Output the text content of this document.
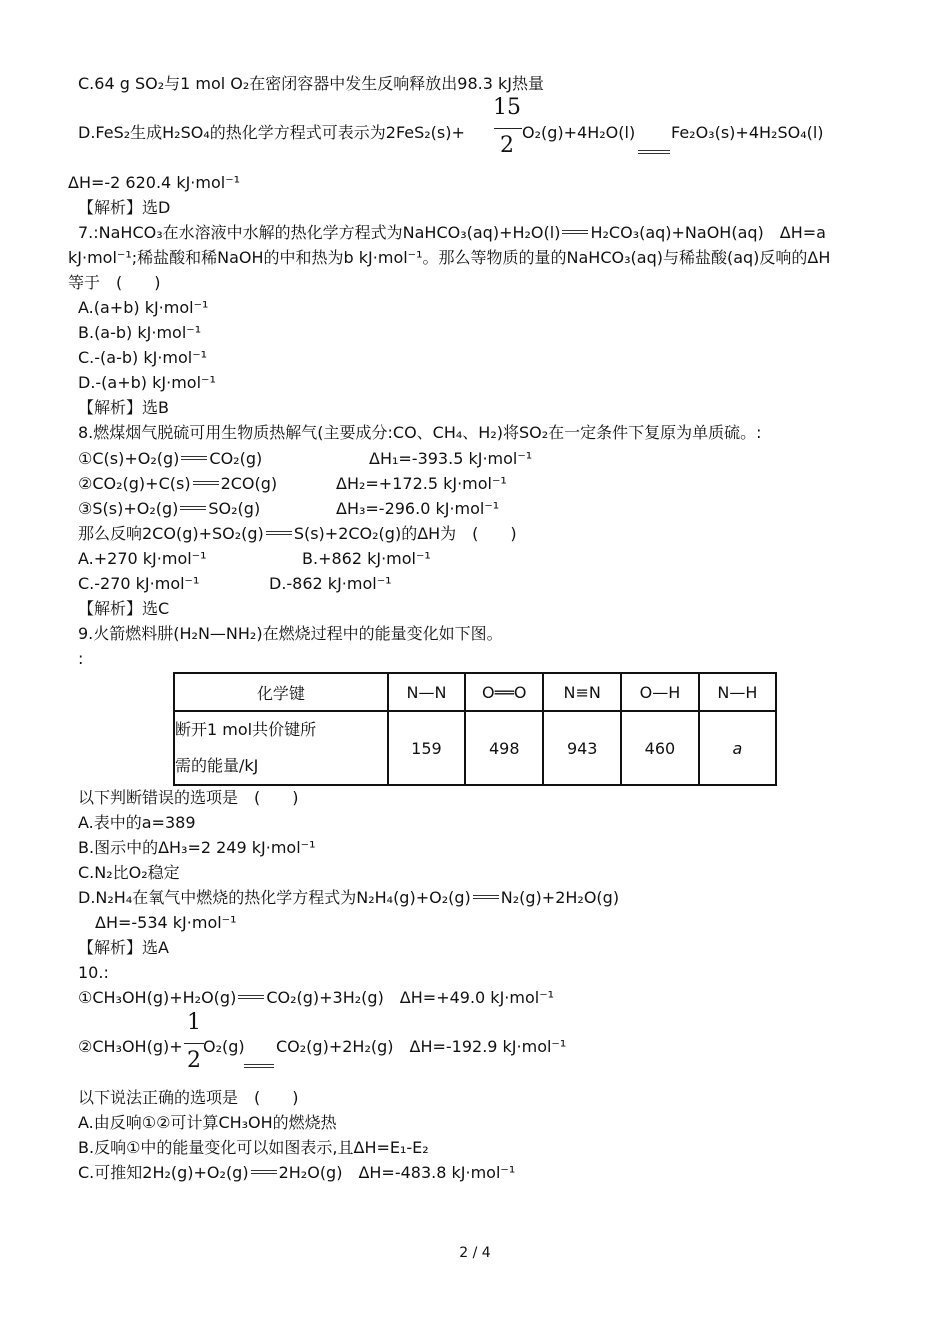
C.64 g SO₂与1 mol O₂在密闭容器中发生反响释放出98.3 kJ热量
D.FeS₂生成H₂SO₄的热化学方程式可表示为2FeS₂(s)+
15
2
O₂(g)+4H₂O(l) Fe₂O₃(s)+4H₂SO₄(l)
ΔH=-2 620.4 kJ·mol⁻¹
【解析】选D
7.:NaHCO₃在水溶液中水解的热化学方程式为NaHCO₃(aq)+H₂O(l) H₂CO₃(aq)+NaOH(aq)　ΔH=a
kJ·mol⁻¹;稀盐酸和稀NaOH的中和热为b kJ·mol⁻¹。那么等物质的量的NaHCO₃(aq)与稀盐酸(aq)反响的ΔH
等于　(　　)
A.(a+b) kJ·mol⁻¹
B.(a-b) kJ·mol⁻¹
C.-(a-b) kJ·mol⁻¹
D.-(a+b) kJ·mol⁻¹
【解析】选B
8.燃煤烟气脱硫可用生物质热解气(主要成分:CO、CH₄、H₂)将SO₂在一定条件下复原为单质硫。:
①C(s)+O₂(g) CO₂(g)	ΔH₁=-393.5 kJ·mol⁻¹
②CO₂(g)+C(s) 2CO(g)	ΔH₂=+172.5 kJ·mol⁻¹
③S(s)+O₂(g) SO₂(g)	ΔH₃=-296.0 kJ·mol⁻¹
那么反响2CO(g)+SO₂(g) S(s)+2CO₂(g)的ΔH为　(　　)
A.+270 kJ·mol⁻¹	B.+862 kJ·mol⁻¹
C.-270 kJ·mol⁻¹	D.-862 kJ·mol⁻¹
【解析】选C
9.火箭燃料肼(H₂N—NH₂)在燃烧过程中的能量变化如下图。
:
化学键	N—N	O══O	N≡N	O—H	N—H

断开1 mol共价键所
需的能量/kJ	159	498	943	460	a
以下判断错误的选项是　(　　)
A.表中的a=389
B.图示中的ΔH₃=2 249 kJ·mol⁻¹
C.N₂比O₂稳定
D.N₂H₄在氧气中燃烧的热化学方程式为N₂H₄(g)+O₂(g) N₂(g)+2H₂O(g)
ΔH=-534 kJ·mol⁻¹
【解析】选A
10.:
①CH₃OH(g)+H₂O(g) CO₂(g)+3H₂(g)　ΔH=+49.0 kJ·mol⁻¹
②CH₃OH(g)+
1
2
O₂(g) CO₂(g)+2H₂(g)　ΔH=-192.9 kJ·mol⁻¹
以下说法正确的选项是　(　　)
A.由反响①②可计算CH₃OH的燃烧热
B.反响①中的能量变化可以如图表示,且ΔH=E₁-E₂
C.可推知2H₂(g)+O₂(g) 2H₂O(g)　ΔH=-483.8 kJ·mol⁻¹
2 / 4
